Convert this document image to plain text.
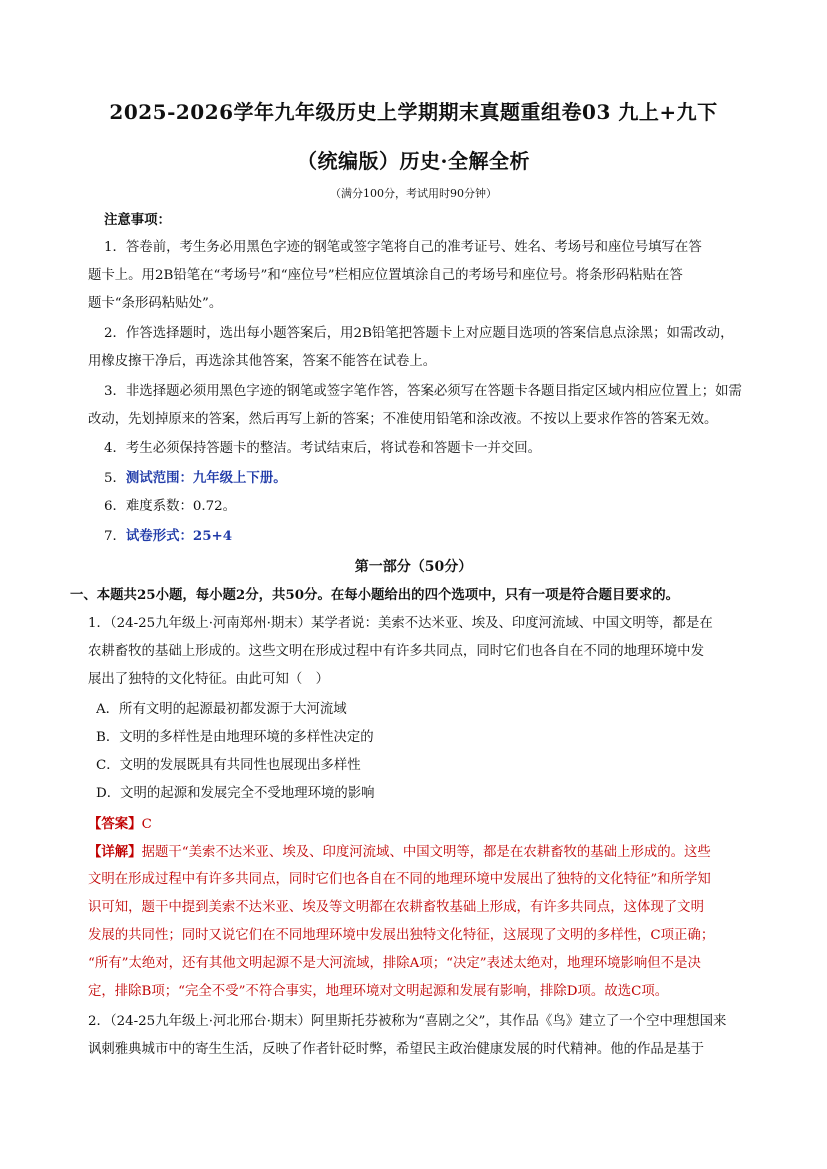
2025-2026学年九年级历史上学期期末真题重组卷03 九上+九下
（统编版）历史·全解全析
（满分100分，考试用时90分钟）
注意事项：
1．答卷前，考生务必用黑色字迹的钢笔或签字笔将自己的准考证号、姓名、考场号和座位号填写在答
题卡上。用2B铅笔在“考场号”和“座位号”栏相应位置填涂自己的考场号和座位号。将条形码粘贴在答
题卡“条形码粘贴处”。
2．作答选择题时，选出每小题答案后，用2B铅笔把答题卡上对应题目选项的答案信息点涂黑；如需改动，
用橡皮擦干净后，再选涂其他答案，答案不能答在试卷上。
3．非选择题必须用黑色字迹的钢笔或签字笔作答，答案必须写在答题卡各题目指定区域内相应位置上；如需
改动，先划掉原来的答案，然后再写上新的答案；不准使用铅笔和涂改液。不按以上要求作答的答案无效。
4．考生必须保持答题卡的整洁。考试结束后，将试卷和答题卡一并交回。
5．测试范围：九年级上下册。
6．难度系数：0.72。
7．试卷形式：25+4
第一部分（50分）
一、本题共25小题，每小题2分，共50分。在每小题给出的四个选项中，只有一项是符合题目要求的。
1．（24-25九年级上·河南郑州·期末）某学者说：美索不达米亚、埃及、印度河流域、中国文明等，都是在
农耕畜牧的基础上形成的。这些文明在形成过程中有许多共同点，同时它们也各自在不同的地理环境中发
展出了独特的文化特征。由此可知（　）
A．所有文明的起源最初都发源于大河流域
B．文明的多样性是由地理环境的多样性决定的
C．文明的发展既具有共同性也展现出多样性
D．文明的起源和发展完全不受地理环境的影响
【答案】C
【详解】据题干“美索不达米亚、埃及、印度河流域、中国文明等，都是在农耕畜牧的基础上形成的。这些
文明在形成过程中有许多共同点，同时它们也各自在不同的地理环境中发展出了独特的文化特征”和所学知
识可知，题干中提到美索不达米亚、埃及等文明都在农耕畜牧基础上形成，有许多共同点，这体现了文明
发展的共同性；同时又说它们在不同地理环境中发展出独特文化特征，这展现了文明的多样性，C项正确；
“所有”太绝对，还有其他文明起源不是大河流域，排除A项；“决定”表述太绝对，地理环境影响但不是决
定，排除B项；“完全不受”不符合事实，地理环境对文明起源和发展有影响，排除D项。故选C项。
2．（24-25九年级上·河北邢台·期末）阿里斯托芬被称为“喜剧之父”，其作品《鸟》建立了一个空中理想国来
讽刺雅典城市中的寄生生活，反映了作者针砭时弊，希望民主政治健康发展的时代精神。他的作品是基于
